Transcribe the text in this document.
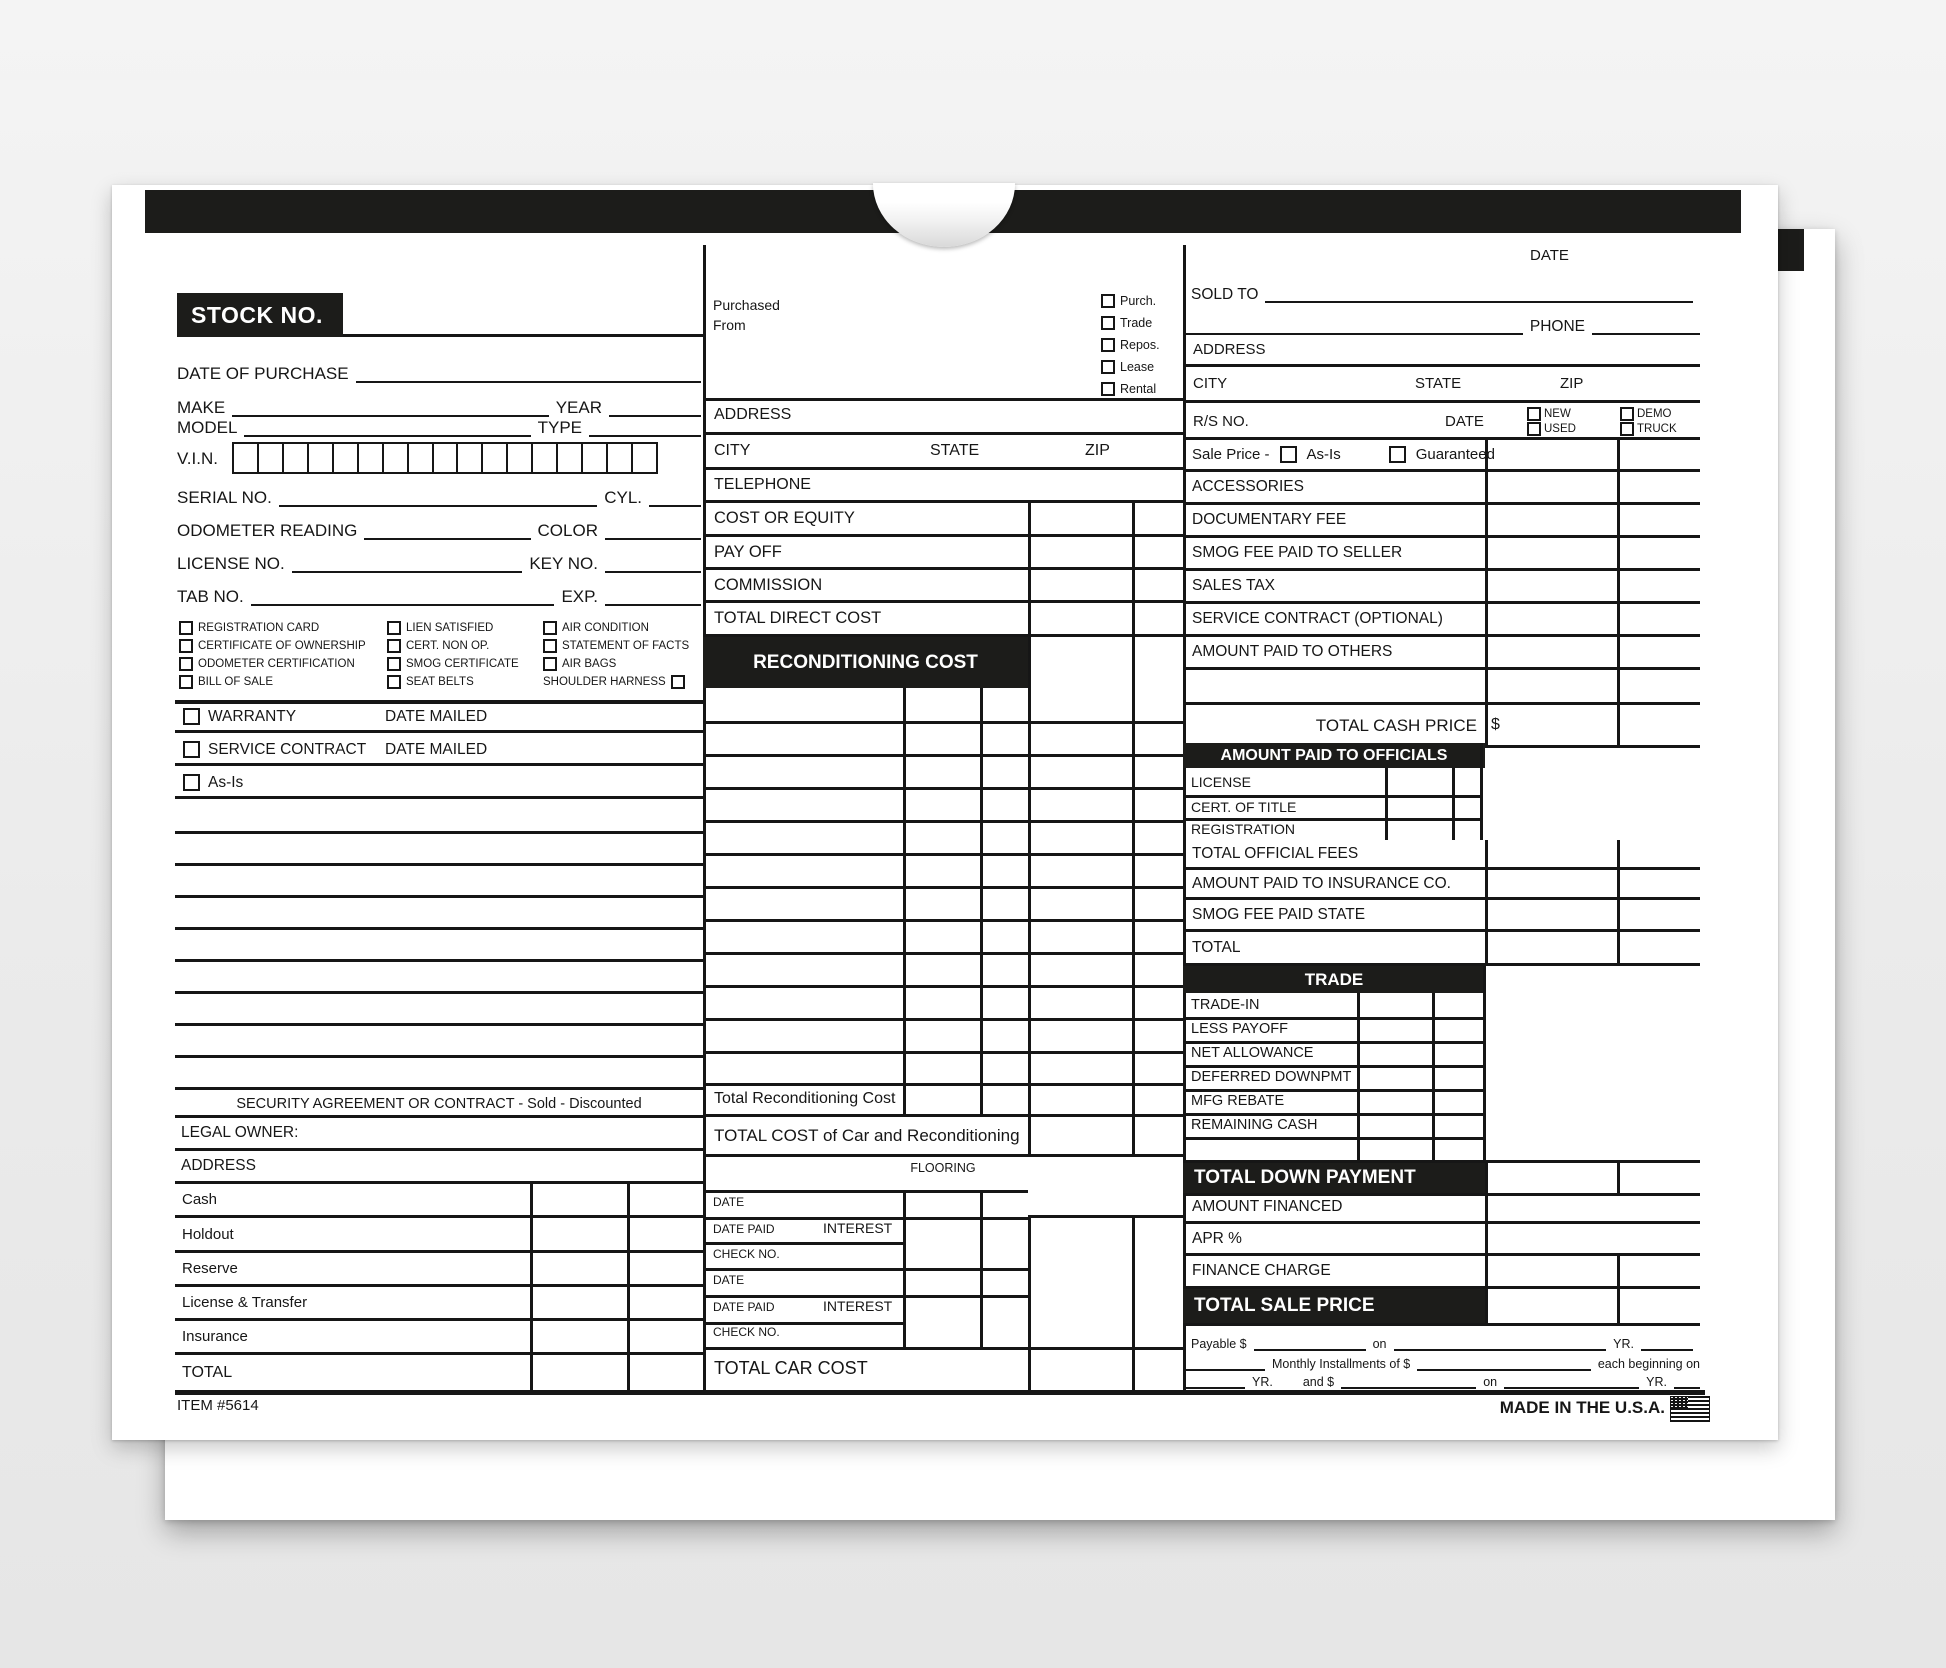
STOCK NO.
DATE OF PURCHASE
MAKE	YEAR
MODEL	TYPE
V.I.N.
SERIAL NO.	CYL.
ODOMETER READING	COLOR
LICENSE NO.	KEY NO.
TAB NO.	EXP.
REGISTRATION CARD
CERTIFICATE OF OWNERSHIP
ODOMETER CERTIFICATION
BILL OF SALE
LIEN SATISFIED
CERT. NON OP.
SMOG CERTIFICATE
SEAT BELTS
AIR CONDITION
STATEMENT OF FACTS
AIR BAGS
SHOULDER HARNESS
WARRANTY	DATE MAILED
SERVICE CONTRACT DATE MAILED
As-Is
SECURITY AGREEMENT OR CONTRACT - Sold - Discounted
LEGAL OWNER:
ADDRESS
Cash
Holdout
Reserve
License & Transfer
Insurance
TOTAL
Purchased
From
Purch.
Trade
Repos.
Lease
Rental
ADDRESS
CITY	STATE	ZIP
TELEPHONE
COST OR EQUITY
PAY OFF
COMMISSION
TOTAL DIRECT COST
RECONDITIONING COST
Total Reconditioning Cost
TOTAL COST of Car and Reconditioning
FLOORING
DATE
DATE PAID	INTEREST
CHECK NO.
DATE
DATE PAID	INTEREST
CHECK NO.
TOTAL CAR COST
DATE
SOLD TO
PHONE
ADDRESS
CITY	STATE	ZIP
R/S NO.	DATE	NEW
USED
DEMO
TRUCK
Sale Price - As-Is	Guaranteed
ACCESSORIES
DOCUMENTARY FEE
SMOG FEE PAID TO SELLER
SALES TAX
SERVICE CONTRACT (OPTIONAL)
AMOUNT PAID TO OTHERS
TOTAL CASH PRICE $
AMOUNT PAID TO OFFICIALS
LICENSE
CERT. OF TITLE
REGISTRATION
TOTAL OFFICIAL FEES
AMOUNT PAID TO INSURANCE CO.
SMOG FEE PAID STATE
TOTAL
TRADE
TRADE-IN
LESS PAYOFF
NET ALLOWANCE
DEFERRED DOWNPMT
MFG REBATE
REMAINING CASH
TOTAL DOWN PAYMENT
AMOUNT FINANCED
APR %
FINANCE CHARGE
TOTAL SALE PRICE
Payable $	on	YR.
Monthly Installments of $	each beginning on
YR. and $	on	YR.
ITEM #5614	MADE IN THE U.S.A.
